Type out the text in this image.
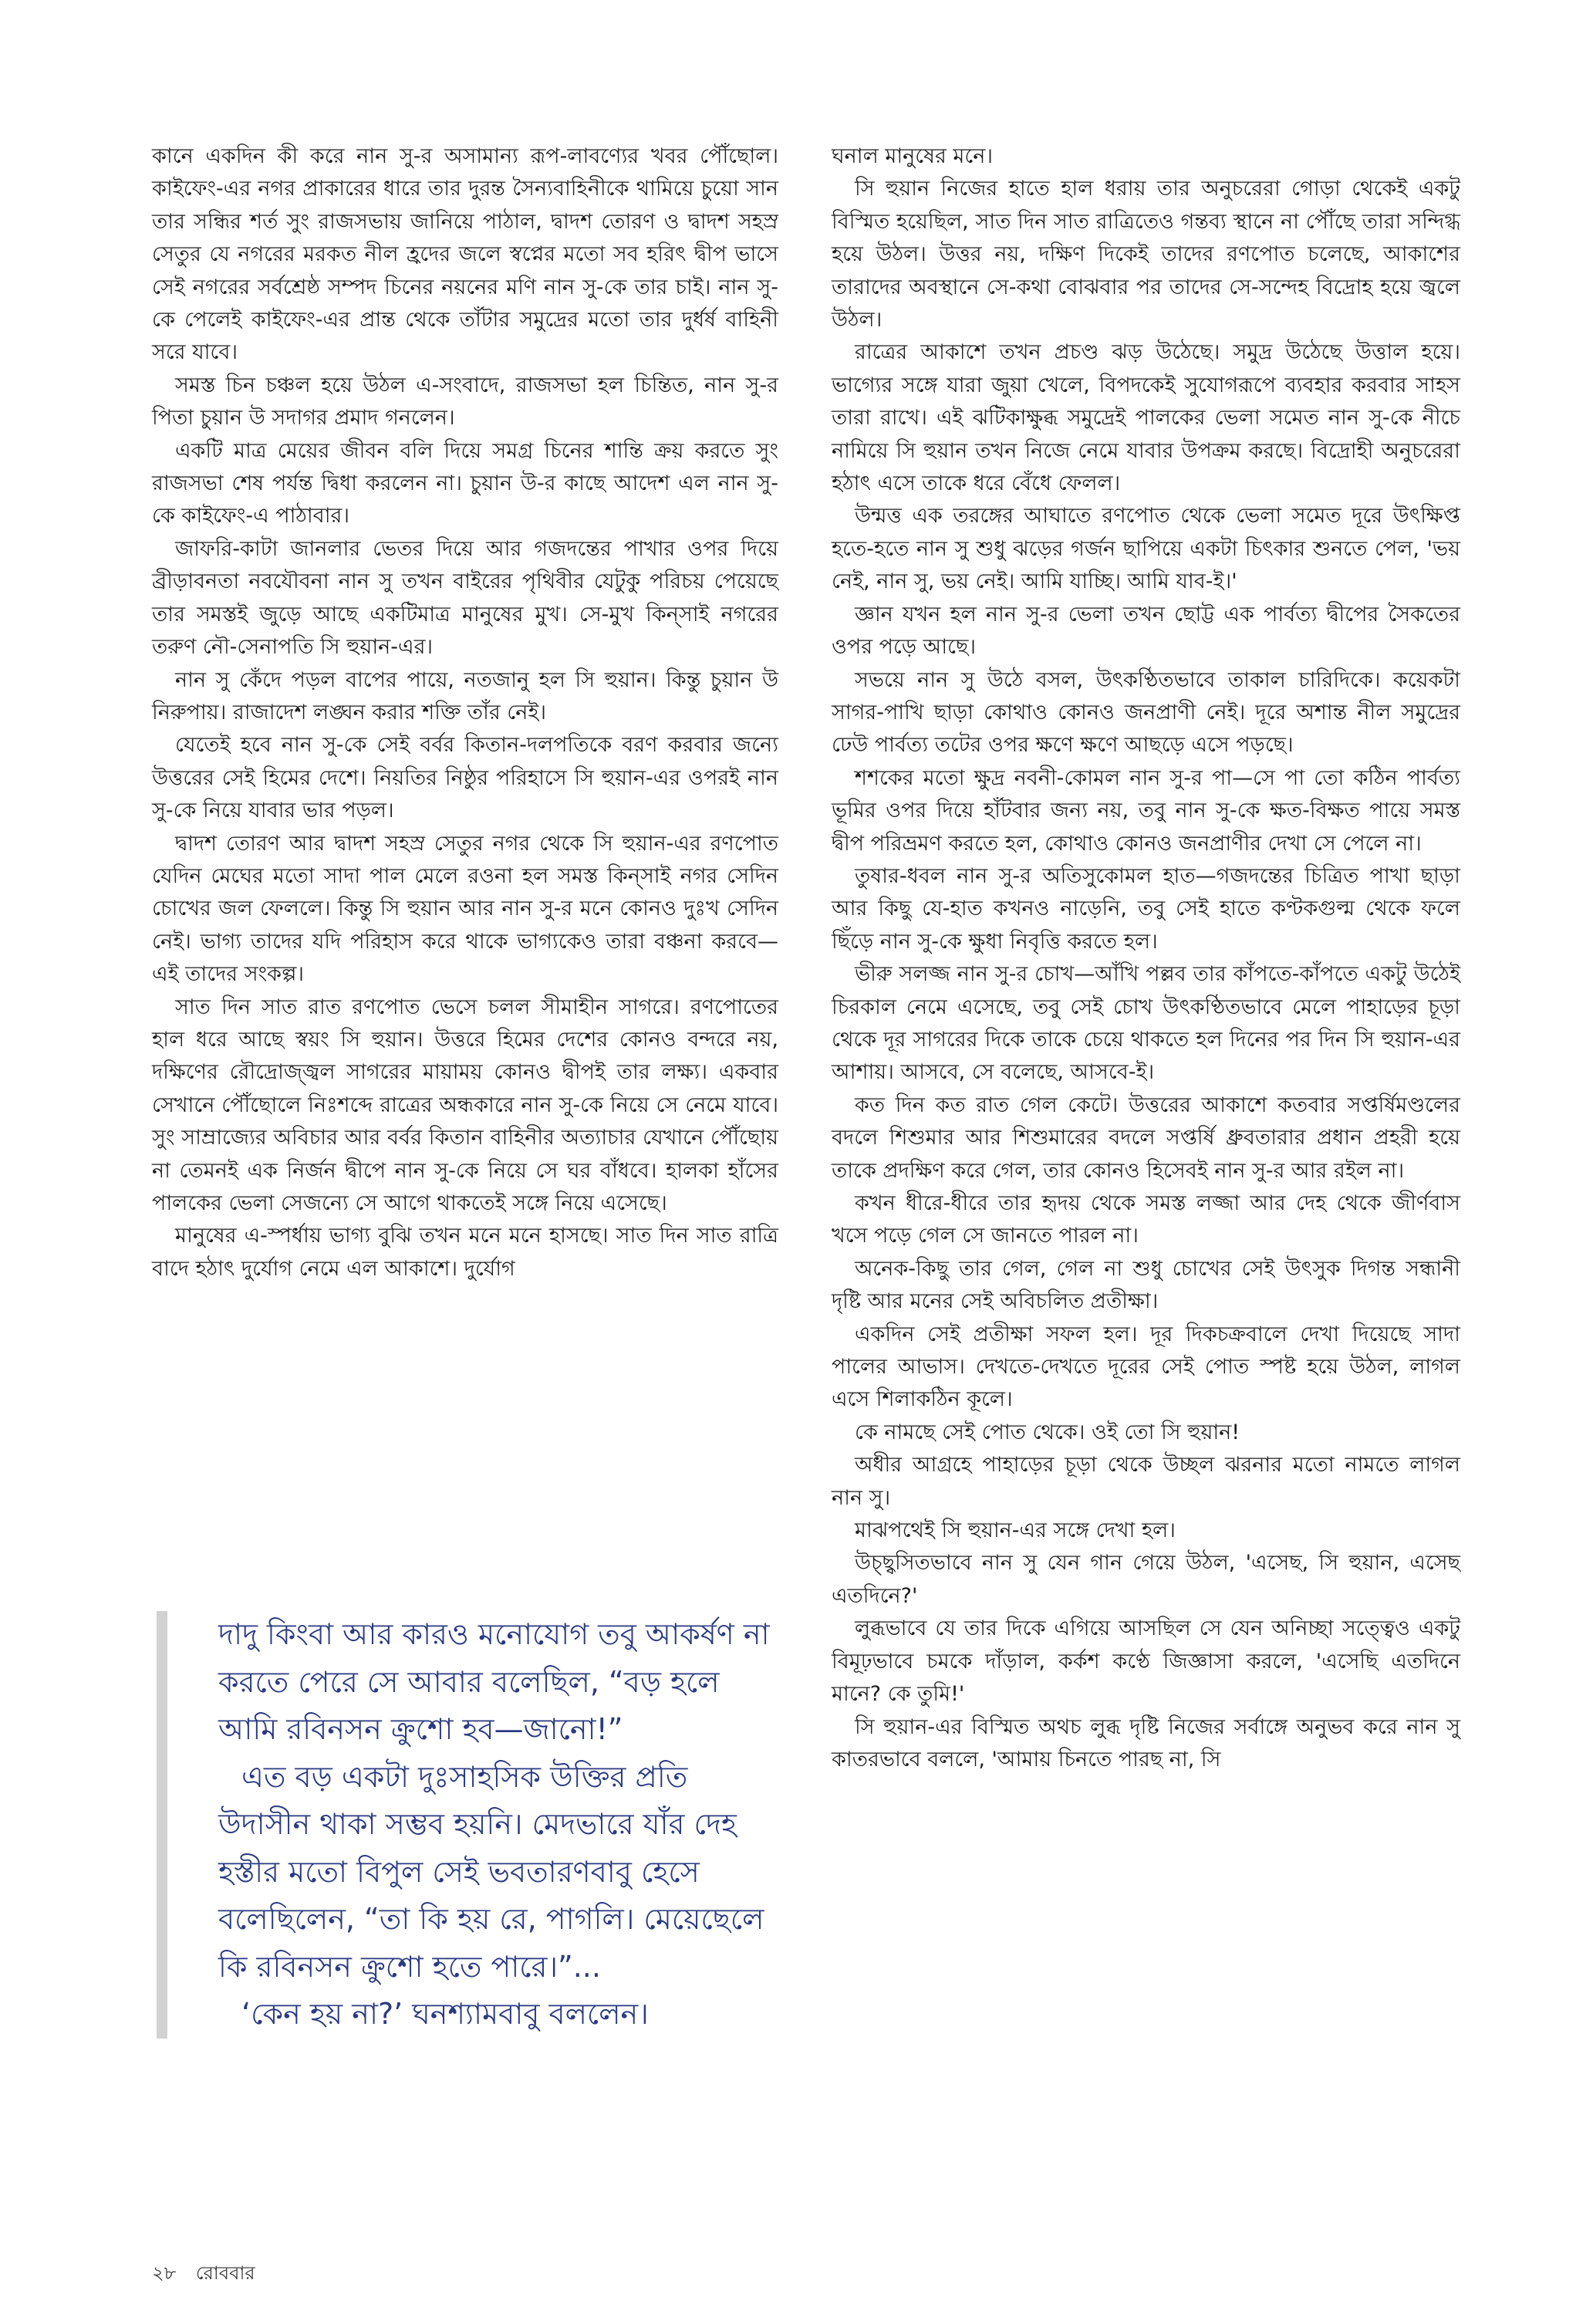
কানে একদিন কী করে নান সু-র অসামান্য রূপ-লাবণ্যের খবর পৌঁছোল। কাইফেং-এর নগর প্রাকারের ধারে তার দুরন্ত সৈন্যবাহিনীকে থামিয়ে চুয়ো সান তার সন্ধির শর্ত সুং রাজসভায় জানিয়ে পাঠাল, দ্বাদশ তোরণ ও দ্বাদশ সহস্র সেতুর যে নগরের মরকত নীল হ্রদের জলে স্বপ্নের মতো সব হরিৎ দ্বীপ ভাসে সেই নগরের সর্বশ্রেষ্ঠ সম্পদ চিনের নয়নের মণি নান সু-কে তার চাই। নান সু-কে পেলেই কাইফেং-এর প্রান্ত থেকে তাঁটার সমুদ্রের মতো তার দুর্ধর্ষ বাহিনী সরে যাবে।

সমস্ত চিন চঞ্চল হয়ে উঠল এ-সংবাদে, রাজসভা হল চিন্তিত, নান সু-র পিতা চুয়ান উ সদাগর প্রমাদ গনলেন।

একটি মাত্র মেয়ের জীবন বলি দিয়ে সমগ্র চিনের শান্তি ক্রয় করতে সুং রাজসভা শেষ পর্যন্ত দ্বিধা করলেন না। চুয়ান উ-র কাছে আদেশ এল নান সু-কে কাইফেং-এ পাঠাবার।

জাফরি-কাটা জানলার ভেতর দিয়ে আর গজদন্তের পাখার ওপর দিয়ে ব্রীড়াবনতা নবযৌবনা নান সু তখন বাইরের পৃথিবীর যেটুকু পরিচয় পেয়েছে তার সমস্তই জুড়ে আছে একটিমাত্র মানুষের মুখ। সে-মুখ কিন্‌সাই নগরের তরুণ নৌ-সেনাপতি সি হুয়ান-এর।

নান সু কেঁদে পড়ল বাপের পায়ে, নতজানু হল সি হুয়ান। কিন্তু চুয়ান উ নিরুপায়। রাজাদেশ লঙ্ঘন করার শক্তি তাঁর নেই।

যেতেই হবে নান সু-কে সেই বর্বর কিতান-দলপতিকে বরণ করবার জন্যে উত্তরের সেই হিমের দেশে। নিয়তির নিষ্ঠুর পরিহাসে সি হুয়ান-এর ওপরই নান সু-কে নিয়ে যাবার ভার পড়ল।

দ্বাদশ তোরণ আর দ্বাদশ সহস্র সেতুর নগর থেকে সি হুয়ান-এর রণপোত যেদিন মেঘের মতো সাদা পাল মেলে রওনা হল সমস্ত কিন্‌সাই নগর সেদিন চোখের জল ফেললে। কিন্তু সি হুয়ান আর নান সু-র মনে কোনও দুঃখ সেদিন নেই। ভাগ্য তাদের যদি পরিহাস করে থাকে ভাগ্যকেও তারা বঞ্চনা করবে—এই তাদের সংকল্প।

সাত দিন সাত রাত রণপোত ভেসে চলল সীমাহীন সাগরে। রণপোতের হাল ধরে আছে স্বয়ং সি হুয়ান। উত্তরে হিমের দেশের কোনও বন্দরে নয়, দক্ষিণের রৌদ্রোজ্জ্বল সাগরের মায়াময় কোনও দ্বীপই তার লক্ষ্য। একবার সেখানে পৌঁছোলে নিঃশব্দে রাত্রের অন্ধকারে নান সু-কে নিয়ে সে নেমে যাবে। সুং সাম্রাজ্যের অবিচার আর বর্বর কিতান বাহিনীর অত্যাচার যেখানে পৌঁছোয় না তেমনই এক নির্জন দ্বীপে নান সু-কে নিয়ে সে ঘর বাঁধবে। হালকা হাঁসের পালকের ভেলা সেজন্যে সে আগে থাকতেই সঙ্গে নিয়ে এসেছে।

মানুষের এ-স্পর্ধায় ভাগ্য বুঝি তখন মনে মনে হাসছে। সাত দিন সাত রাত্রি বাদে হঠাৎ দুর্যোগ নেমে এল আকাশে। দুর্যোগ

দাদু কিংবা আর কারও মনোযোগ তবু আকর্ষণ না করতে পেরে সে আবার বলেছিল, “বড় হলে আমি রবিনসন ক্রুশো হব—জানো!”

এত বড় একটা দুঃসাহসিক উক্তির প্রতি উদাসীন থাকা সম্ভব হয়নি। মেদভারে যাঁর দেহ হস্তীর মতো বিপুল সেই ভবতারণবাবু হেসে বলেছিলেন, “তা কি হয় রে, পাগলি। মেয়েছেলে কি রবিনসন ক্রুশো হতে পারে।”...

‘কেন হয় না?’ ঘনশ্যামবাবু বললেন।

ঘনাল মানুষের মনে।

সি হুয়ান নিজের হাতে হাল ধরায় তার অনুচরেরা গোড়া থেকেই একটু বিস্মিত হয়েছিল, সাত দিন সাত রাত্রিতেও গন্তব্য স্থানে না পৌঁছে তারা সন্দিগ্ধ হয়ে উঠল। উত্তর নয়, দক্ষিণ দিকেই তাদের রণপোত চলেছে, আকাশের তারাদের অবস্থানে সে-কথা বোঝবার পর তাদের সে-সন্দেহ বিদ্রোহ হয়ে জ্বলে উঠল।

রাত্রের আকাশে তখন প্রচণ্ড ঝড় উঠেছে। সমুদ্র উঠেছে উত্তাল হয়ে। ভাগ্যের সঙ্গে যারা জুয়া খেলে, বিপদকেই সুযোগরূপে ব্যবহার করবার সাহস তারা রাখে। এই ঝটিকাক্ষুব্ধ সমুদ্রেই পালকের ভেলা সমেত নান সু-কে নীচে নামিয়ে সি হুয়ান তখন নিজে নেমে যাবার উপক্রম করছে। বিদ্রোহী অনুচরেরা হঠাৎ এসে তাকে ধরে বেঁধে ফেলল।

উন্মত্ত এক তরঙ্গের আঘাতে রণপোত থেকে ভেলা সমেত দূরে উৎক্ষিপ্ত হতে-হতে নান সু শুধু ঝড়ের গর্জন ছাপিয়ে একটা চিৎকার শুনতে পেল, 'ভয় নেই, নান সু, ভয় নেই। আমি যাচ্ছি। আমি যাব-ই।'

জ্ঞান যখন হল নান সু-র ভেলা তখন ছোট্ট এক পার্বত্য দ্বীপের সৈকতের ওপর পড়ে আছে।

সভয়ে নান সু উঠে বসল, উৎকণ্ঠিতভাবে তাকাল চারিদিকে। কয়েকটা সাগর-পাখি ছাড়া কোথাও কোনও জনপ্রাণী নেই। দূরে অশান্ত নীল সমুদ্রের ঢেউ পার্বত্য তটের ওপর ক্ষণে ক্ষণে আছড়ে এসে পড়ছে।

শশকের মতো ক্ষুদ্র নবনী-কোমল নান সু-র পা—সে পা তো কঠিন পার্বত্য ভূমির ওপর দিয়ে হাঁটবার জন্য নয়, তবু নান সু-কে ক্ষত-বিক্ষত পায়ে সমস্ত দ্বীপ পরিভ্রমণ করতে হল, কোথাও কোনও জনপ্রাণীর দেখা সে পেলে না।

তুষার-ধবল নান সু-র অতিসুকোমল হাত—গজদন্তের চিত্রিত পাখা ছাড়া আর কিছু যে-হাত কখনও নাড়েনি, তবু সেই হাতে কণ্টকগুল্ম থেকে ফলে ছিঁড়ে নান সু-কে ক্ষুধা নিবৃত্তি করতে হল।

ভীরু সলজ্জ নান সু-র চোখ—আঁখি পল্লব তার কাঁপতে-কাঁপতে একটু উঠেই চিরকাল নেমে এসেছে, তবু সেই চোখ উৎকণ্ঠিতভাবে মেলে পাহাড়ের চূড়া থেকে দূর সাগরের দিকে তাকে চেয়ে থাকতে হল দিনের পর দিন সি হুয়ান-এর আশায়। আসবে, সে বলেছে, আসবে-ই।

কত দিন কত রাত গেল কেটে। উত্তরের আকাশে কতবার সপ্তর্ষিমণ্ডলের বদলে শিশুমার আর শিশুমারের বদলে সপ্তর্ষি ধ্রুবতারার প্রধান প্রহরী হয়ে তাকে প্রদক্ষিণ করে গেল, তার কোনও হিসেবই নান সু-র আর রইল না।

কখন ধীরে-ধীরে তার হৃদয় থেকে সমস্ত লজ্জা আর দেহ থেকে জীর্ণবাস খসে পড়ে গেল সে জানতে পারল না।

অনেক-কিছু তার গেল, গেল না শুধু চোখের সেই উৎসুক দিগন্ত সন্ধানী দৃষ্টি আর মনের সেই অবিচলিত প্রতীক্ষা।

একদিন সেই প্রতীক্ষা সফল হল। দূর দিকচক্রবালে দেখা দিয়েছে সাদা পালের আভাস। দেখতে-দেখতে দূরের সেই পোত স্পষ্ট হয়ে উঠল, লাগল এসে শিলাকঠিন কূলে।

কে নামছে সেই পোত থেকে। ওই তো সি হুয়ান!

অধীর আগ্রহে পাহাড়ের চূড়া থেকে উচ্ছল ঝরনার মতো নামতে লাগল নান সু।

মাঝপথেই সি হুয়ান-এর সঙ্গে দেখা হল।

উচ্ছ্বসিতভাবে নান সু যেন গান গেয়ে উঠল, 'এসেছ, সি হুয়ান, এসেছ এতদিনে?'

লুব্ধভাবে যে তার দিকে এগিয়ে আসছিল সে যেন অনিচ্ছা সত্ত্বেও একটু বিমূঢ়ভাবে চমকে দাঁড়াল, কর্কশ কণ্ঠে জিজ্ঞাসা করলে, 'এসেছি এতদিনে মানে? কে তুমি!'

সি হুয়ান-এর বিস্মিত অথচ লুব্ধ দৃষ্টি নিজের সর্বাঙ্গে অনুভব করে নান সু কাতরভাবে বললে, 'আমায় চিনতে পারছ না, সি

২৮ রোববার
